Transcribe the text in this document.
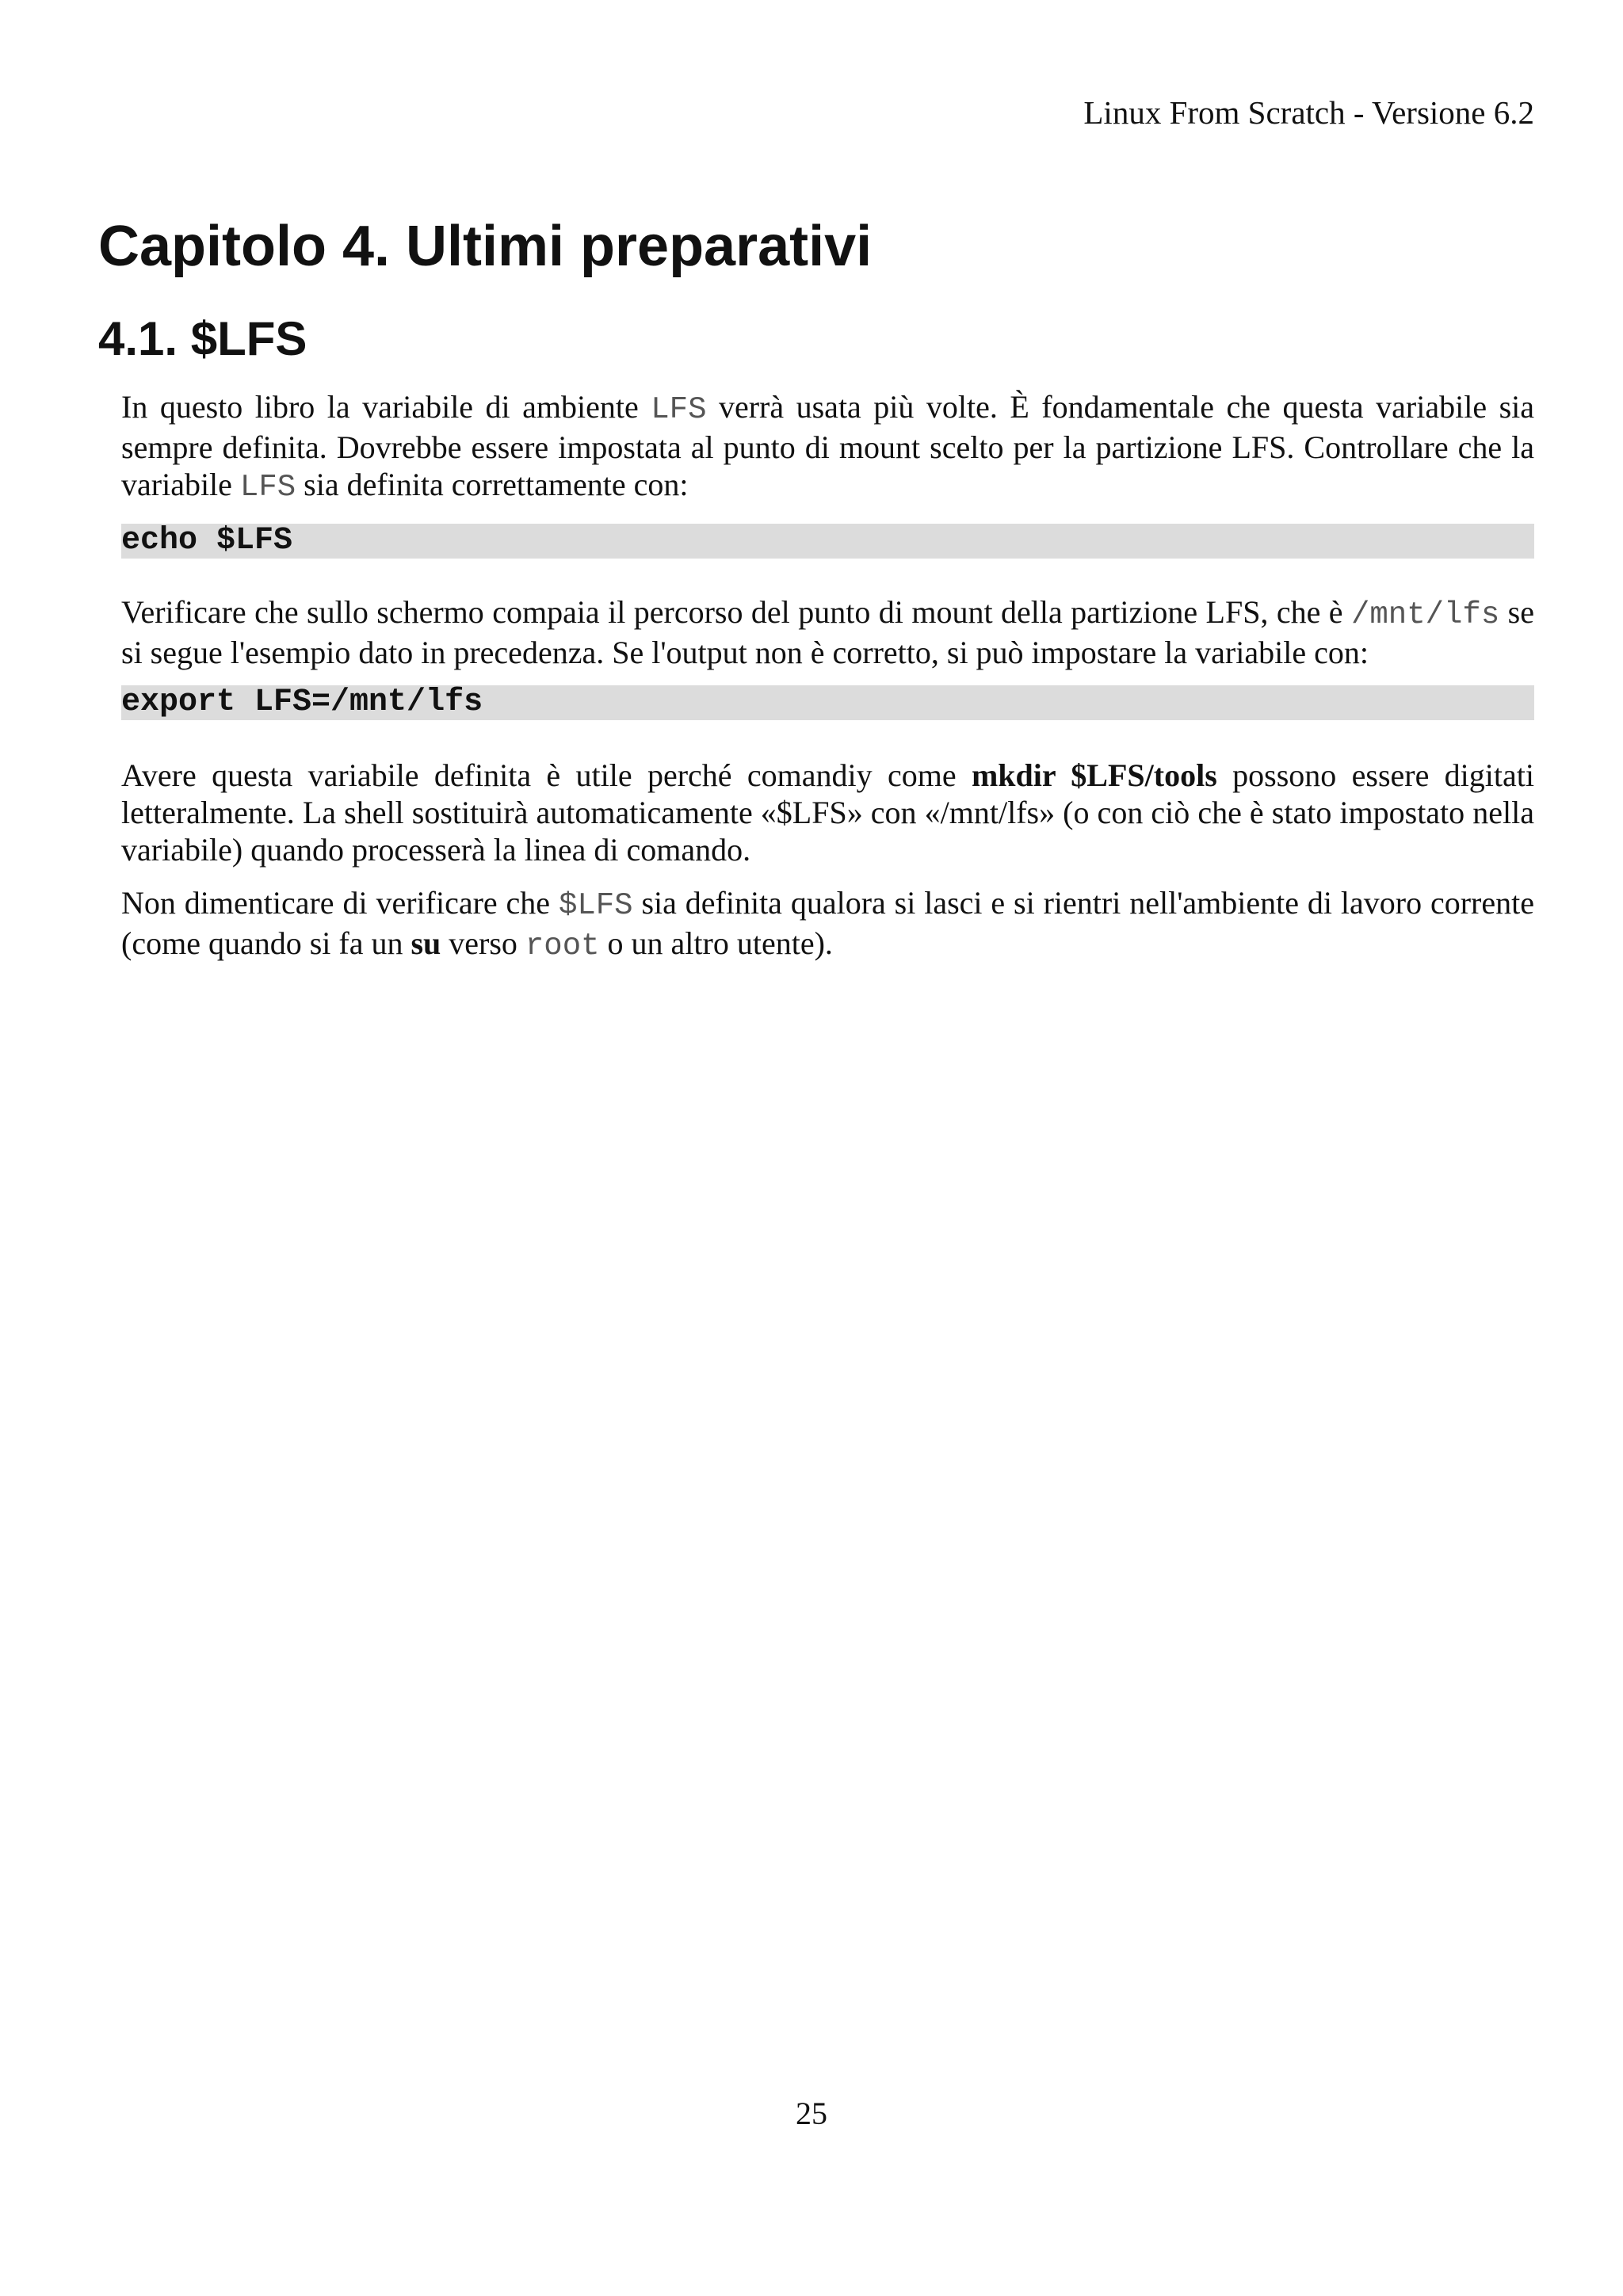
Linux From Scratch - Versione 6.2
Capitolo 4. Ultimi preparativi
4.1. $LFS

In questo libro la variabile di ambiente LFS verrà usata più volte. È fondamentale che questa variabile sia sempre definita. Dovrebbe essere impostata al punto di mount scelto per la partizione LFS. Controllare che la variabile LFS sia definita correttamente con:

echo $LFS

Verificare che sullo schermo compaia il percorso del punto di mount della partizione LFS, che è /mnt/lfs se si segue l'esempio dato in precedenza. Se l'output non è corretto, si può impostare la variabile con:

export LFS=/mnt/lfs

Avere questa variabile definita è utile perché comandiy come mkdir $LFS/tools possono essere digitati letteralmente. La shell sostituirà automaticamente «$LFS» con «/mnt/lfs» (o con ciò che è stato impostato nella variabile) quando processerà la linea di comando.

Non dimenticare di verificare che $LFS sia definita qualora si lasci e si rientri nell'ambiente di lavoro corrente (come quando si fa un su verso root o un altro utente).

25
